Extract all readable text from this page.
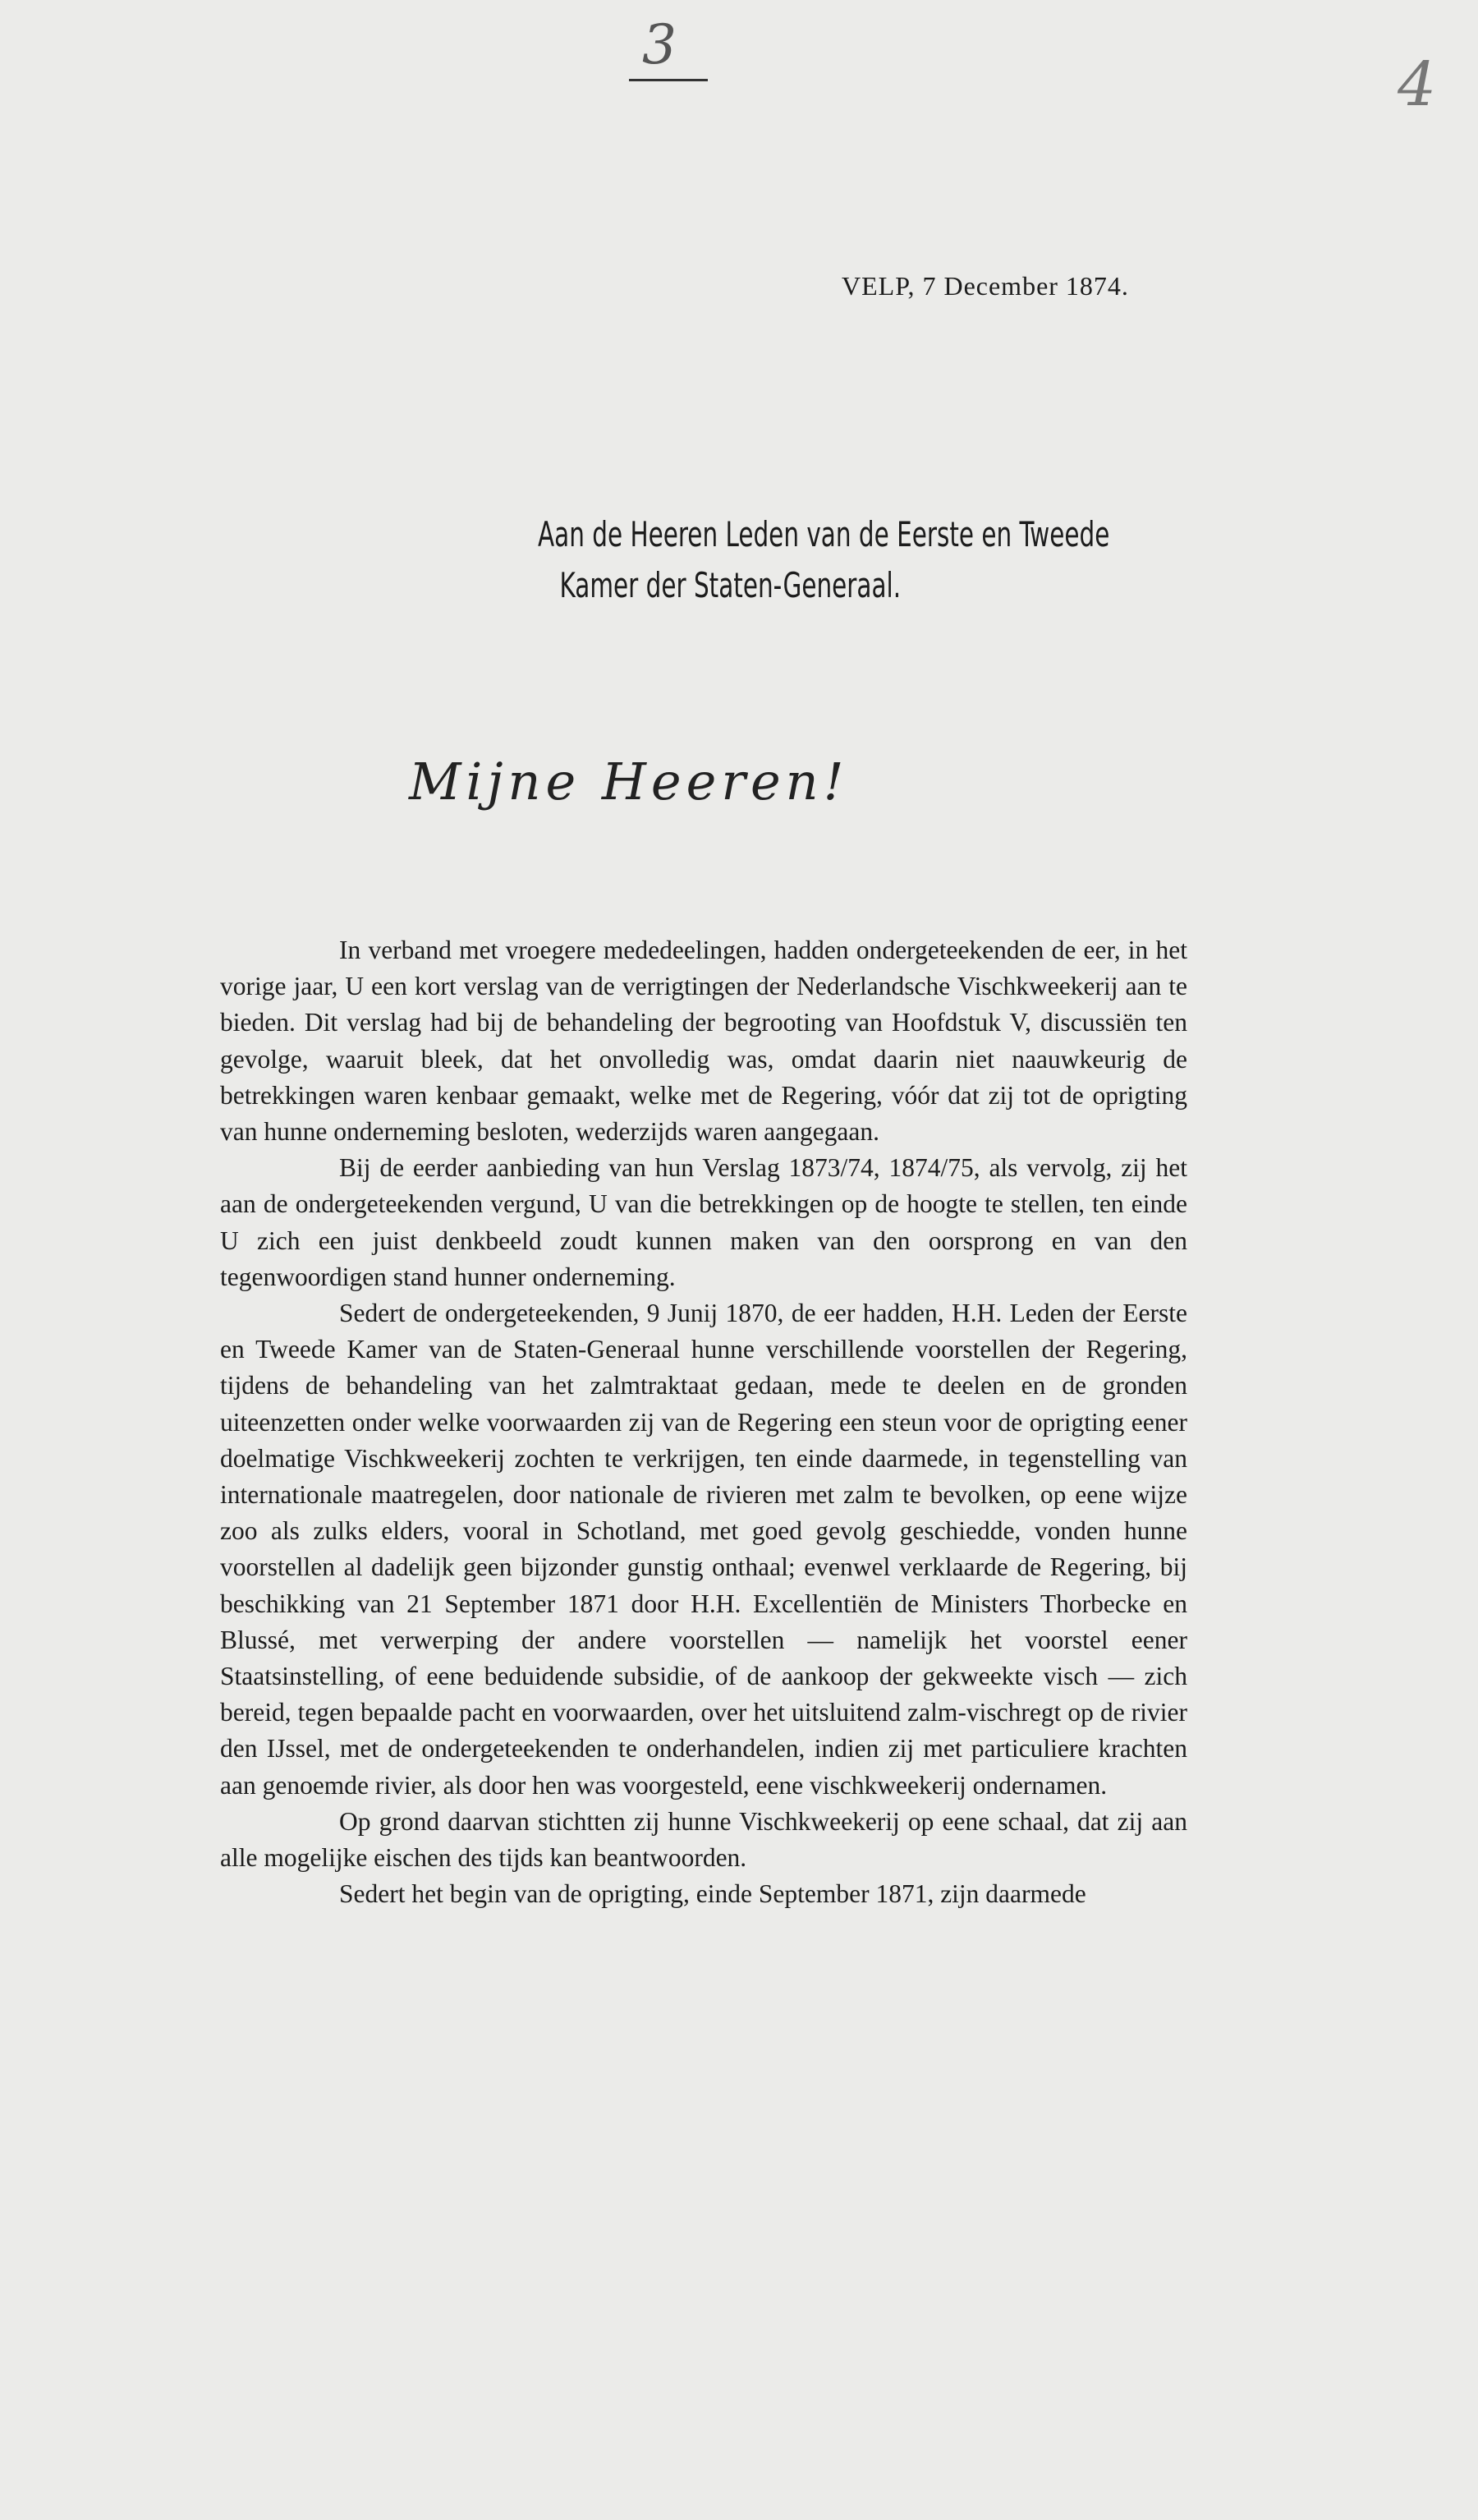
3
4
VELP, 7 December 1874.
Aan de Heeren Leden van de Eerste en Tweede
Kamer der Staten-Generaal.
Mijne Heeren!

In verband met vroegere mededeelingen, hadden ondergeteekenden de eer, in het vorige jaar, U een kort verslag van de verrigtingen der Nederlandsche Vischkweekerij aan te bieden. Dit verslag had bij de behandeling der begrooting van Hoofdstuk V, discussiën ten gevolge, waaruit bleek, dat het onvolledig was, omdat daarin niet naauwkeurig de betrekkingen waren kenbaar gemaakt, welke met de Regering, vóór dat zij tot de oprigting van hunne onderneming besloten, wederzijds waren aangegaan.

Bij de eerder aanbieding van hun Verslag 1873/74, 1874/75, als vervolg, zij het aan de ondergeteekenden vergund, U van die betrekkingen op de hoogte te stellen, ten einde U zich een juist denkbeeld zoudt kunnen maken van den oorsprong en van den tegenwoordigen stand hunner onderneming.

Sedert de ondergeteekenden, 9 Junij 1870, de eer hadden, H.H. Leden der Eerste en Tweede Kamer van de Staten-Generaal hunne verschillende voorstellen der Regering, tijdens de behandeling van het zalmtraktaat gedaan, mede te deelen en de gronden uiteenzetten onder welke voorwaarden zij van de Regering een steun voor de oprigting eener doelmatige Vischkweekerij zochten te verkrijgen, ten einde daarmede, in tegenstelling van internationale maatregelen, door nationale de rivieren met zalm te bevolken, op eene wijze zoo als zulks elders, vooral in Schotland, met goed gevolg geschiedde, vonden hunne voorstellen al dadelijk geen bijzonder gunstig onthaal; evenwel verklaarde de Regering, bij beschikking van 21 September 1871 door H.H. Excellentiën de Ministers Thorbecke en Blussé, met verwerping der andere voorstellen — namelijk het voorstel eener Staatsinstelling, of eene beduidende subsidie, of de aankoop der gekweekte visch — zich bereid, tegen bepaalde pacht en voorwaarden, over het uitsluitend zalm-vischregt op de rivier den IJssel, met de ondergeteekenden te onderhandelen, indien zij met particuliere krachten aan genoemde rivier, als door hen was voorgesteld, eene vischkweekerij ondernamen.

Op grond daarvan stichtten zij hunne Vischkweekerij op eene schaal, dat zij aan alle mogelijke eischen des tijds kan beantwoorden.

Sedert het begin van de oprigting, einde September 1871, zijn daarmede
